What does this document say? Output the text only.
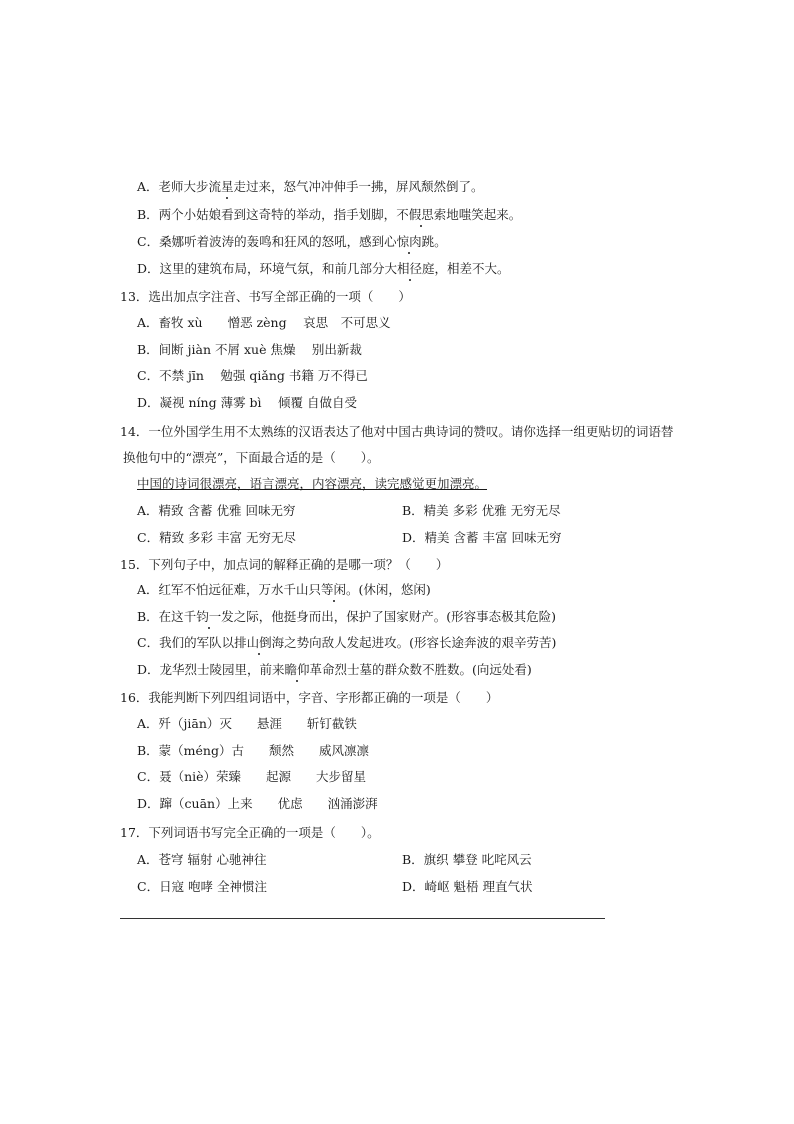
A．老师大步流星走过来，怒气冲冲伸手一拂，屏风颓然倒了。
B．两个小姑娘看到这奇特的举动，指手划脚，不假思索地嗤笑起来。
C．桑娜听着波涛的轰鸣和狂风的怒吼，感到心惊肉跳。
D．这里的建筑布局，环境气氛，和前几部分大相径庭，相差不大。
13．选出加点字注音、书写全部正确的一项（　　）
A．畜牧 xù　　憎恶 zèng　 哀思　不可思义
B．间断 jiàn 不屑 xuè 焦燥　 别出新裁
C．不禁 jīn　 勉强 qiǎng 书籍 万不得已
D．凝视 níng 薄雾 bì　 倾覆 自做自受
14．一位外国学生用不太熟练的汉语表达了他对中国古典诗词的赞叹。请你选择一组更贴切的词语替
换他句中的“漂亮”，下面最合适的是（　　）。
中国的诗词很漂亮，语言漂亮，内容漂亮，读完感觉更加漂亮。
A．精致 含蓄 优雅 回味无穷	B．精美 多彩 优雅 无穷无尽
C．精致 多彩 丰富 无穷无尽	D．精美 含蓄 丰富 回味无穷
15．下列句子中，加点词的解释正确的是哪一项？（　　）
A．红军不怕远征难，万水千山只等闲。(休闲，悠闲)
B．在这千钧一发之际，他挺身而出，保护了国家财产。(形容事态极其危险)
C．我们的军队以排山倒海之势向敌人发起进攻。(形容长途奔波的艰辛劳苦)
D．龙华烈士陵园里，前来瞻仰革命烈士墓的群众数不胜数。(向远处看)
16．我能判断下列四组词语中，字音、字形都正确的一项是（　　）
A．歼（jiān）灭　　悬涯　　斩钉截铁
B．蒙（méng）古　　颓然　　威风凛凛
C．聂（niè）荣臻　　起源　　大步留星
D．蹿（cuān）上来　　优虑　　汹涌澎湃
17．下列词语书写完全正确的一项是（　　）。
A．苍穹 辐射 心驰神往	B．旗织 攀登 叱咤风云
C．日寇 咆哮 全神惯注	D．崎岖 魁梧 理直气状
